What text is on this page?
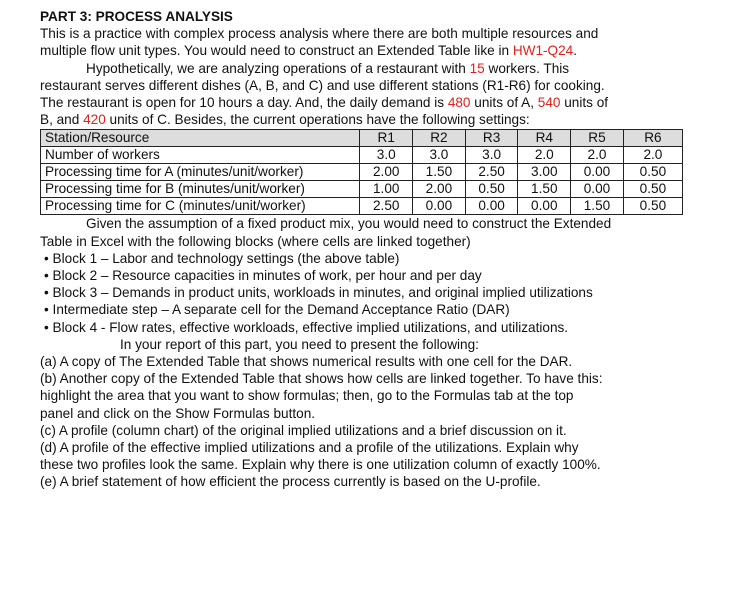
PART 3: PROCESS ANALYSIS
This is a practice with complex process analysis where there are both multiple resources and
multiple flow unit types. You would need to construct an Extended Table like in HW1-Q24.
Hypothetically, we are analyzing operations of a restaurant with 15 workers. This
restaurant serves different dishes (A, B, and C) and use different stations (R1-R6) for cooking.
The restaurant is open for 10 hours a day. And, the daily demand is 480 units of A, 540 units of
B, and 420 units of C. Besides, the current operations have the following settings:
Station/Resource	R1	R2	R3	R4	R5	R6
Number of workers	3.0	3.0	3.0	2.0	2.0	2.0
Processing time for A (minutes/unit/worker)	2.00	1.50	2.50	3.00	0.00	0.50
Processing time for B (minutes/unit/worker)	1.00	2.00	0.50	1.50	0.00	0.50
Processing time for C (minutes/unit/worker)	2.50	0.00	0.00	0.00	1.50	0.50
Given the assumption of a fixed product mix, you would need to construct the Extended
Table in Excel with the following blocks (where cells are linked together)
• Block 1 – Labor and technology settings (the above table)
• Block 2 – Resource capacities in minutes of work, per hour and per day
• Block 3 – Demands in product units, workloads in minutes, and original implied utilizations
• Intermediate step – A separate cell for the Demand Acceptance Ratio (DAR)
• Block 4 - Flow rates, effective workloads, effective implied utilizations, and utilizations.
In your report of this part, you need to present the following:
(a) A copy of The Extended Table that shows numerical results with one cell for the DAR.
(b) Another copy of the Extended Table that shows how cells are linked together. To have this:
highlight the area that you want to show formulas; then, go to the Formulas tab at the top
panel and click on the Show Formulas button.
(c) A profile (column chart) of the original implied utilizations and a brief discussion on it.
(d) A profile of the effective implied utilizations and a profile of the utilizations. Explain why
these two profiles look the same. Explain why there is one utilization column of exactly 100%.
(e) A brief statement of how efficient the process currently is based on the U-profile.
